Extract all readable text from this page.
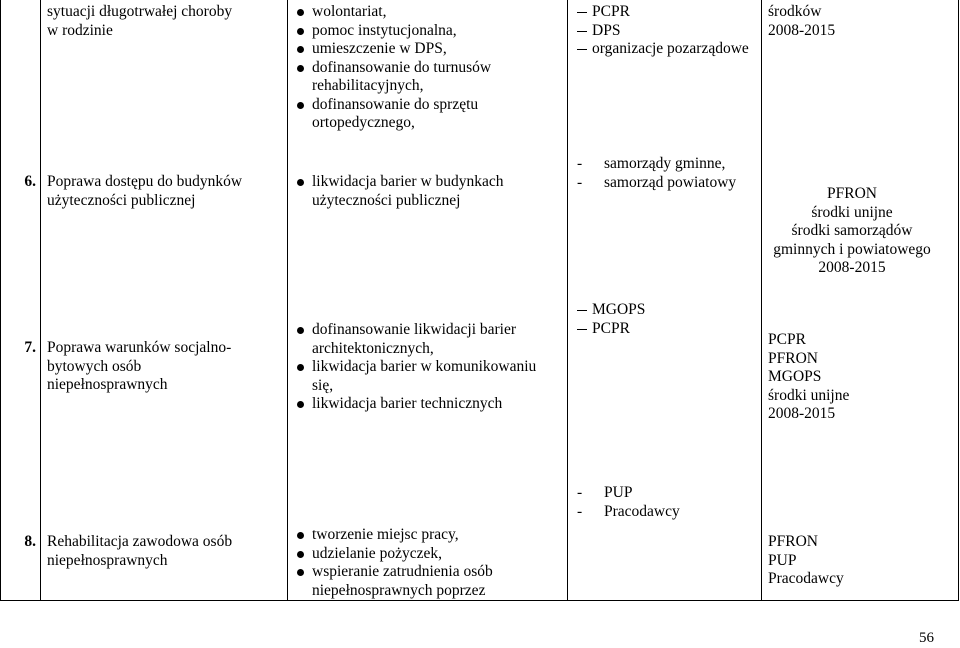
sytuacji długotrwałej choroby
w rodzinie
wolontariat,
pomoc instytucjonalna,
umieszczenie w DPS,
dofinansowanie do turnusów rehabilitacyjnych,
dofinansowanie do sprzętu ortopedycznego,
PCPR
DPS
organizacje pozarządowe
środków
2008-2015
6. Poprawa dostępu do budynków
użyteczności publicznej
likwidacja barier w budynkach użyteczności publicznej
- samorządy gminne,
- samorząd powiatowy
PFRON
środki unijne
środki samorządów gminnych i powiatowego
2008-2015
7. Poprawa warunków socjalno-
bytowych osób
niepełnosprawnych
dofinansowanie likwidacji barier architektonicznych,
likwidacja barier w komunikowaniu się,
likwidacja barier technicznych
MGOPS
PCPR
PCPR
PFRON
MGOPS
środki unijne
2008-2015
8. Rehabilitacja zawodowa osób
niepełnosprawnych
tworzenie miejsc pracy,
udzielanie pożyczek,
wspieranie zatrudnienia osób niepełnosprawnych poprzez
- PUP
- Pracodawcy
PFRON
PUP
Pracodawcy
56
